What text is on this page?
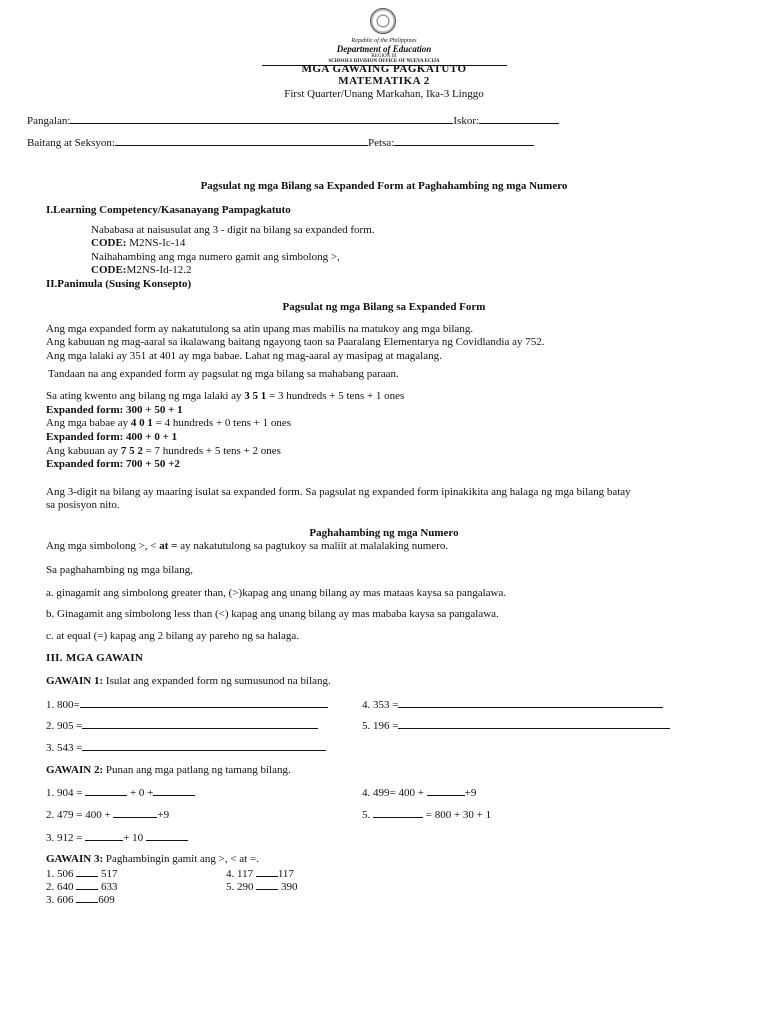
Republic of the Philippines
Department of Education
REGION III
SCHOOLS DIVISION OFFICE OF NUEVA ECIJA
MGA GAWAING PAGKATUTO
MATEMATIKA 2
First Quarter/Unang Markahan, Ika-3 Linggo
Pangalan:	Iskor:
Baitang at Seksyon:	Petsa:
Pagsulat ng mga Bilang sa Expanded Form at Paghahambing ng mga Numero
I.Learning Competency/Kasanayang Pampagkatuto
Nababasa at naisusulat ang 3 - digit na bilang sa expanded form.
CODE: M2NS-Ic-14
Naihahambing ang mga numero gamit ang simbolong >,
CODE:M2NS-Id-12.2
II.Panimula (Susing Konsepto)
Pagsulat ng mga Bilang sa Expanded Form
Ang mga expanded form ay nakatutulong sa atin upang mas mabilis na matukoy ang mga bilang.
Ang kabuuan ng mag-aaral sa ikalawang baitang ngayong taon sa Paaralang Elementarya ng Covidlandia ay 752.
Ang mga lalaki ay 351 at 401 ay mga babae. Lahat ng mag-aaral ay masipag at magalang.
Tandaan na ang expanded form ay pagsulat ng mga bilang sa mahabang paraan.
Sa ating kwento ang bilang ng mga lalaki ay 3 5 1 = 3 hundreds + 5 tens + 1 ones
Expanded form: 300 + 50 + 1
Ang mga babae ay 4 0 1 = 4 hundreds + 0 tens + 1 ones
Expanded form: 400 + 0 + 1
Ang kabuuan ay 7 5 2 = 7 hundreds + 5 tens + 2 ones
Expanded form: 700 + 50 +2
Ang 3-digit na bilang ay maaring isulat sa expanded form. Sa pagsulat ng expanded form ipinakikita ang halaga ng mga bilang batay
sa posisyon nito.
Paghahambing ng mga Numero
Ang mga simbolong >, < at = ay nakatutulong sa pagtukoy sa maliit at malalaking numero.
Sa paghahambing ng mga bilang,
a. ginagamit ang simbolong greater than, (>)kapag ang unang bilang ay mas mataas kaysa sa pangalawa.
b. Ginagamit ang simbolong less than (<) kapag ang unang bilang ay mas mababa kaysa sa pangalawa.
c. at equal (=) kapag ang 2 bilang ay pareho ng sa halaga.
III. MGA GAWAIN
GAWAIN 1: Isulat ang expanded form ng sumusunod na bilang.
1. 800=
2. 905 =
3. 543 =
4. 353 =
5. 196 =
GAWAIN 2: Punan ang mga patlang ng tamang bilang.
1. 904 =	+ 0 +
2. 479 = 400 +	+9
3. 912 =	+ 10
4. 499= 400 +	+9
5.	= 800 + 30 + 1
GAWAIN 3: Paghambingin gamit ang >, < at =.
1. 506	517
2. 640	633
3. 606 609
4. 117 117
5. 290	390
